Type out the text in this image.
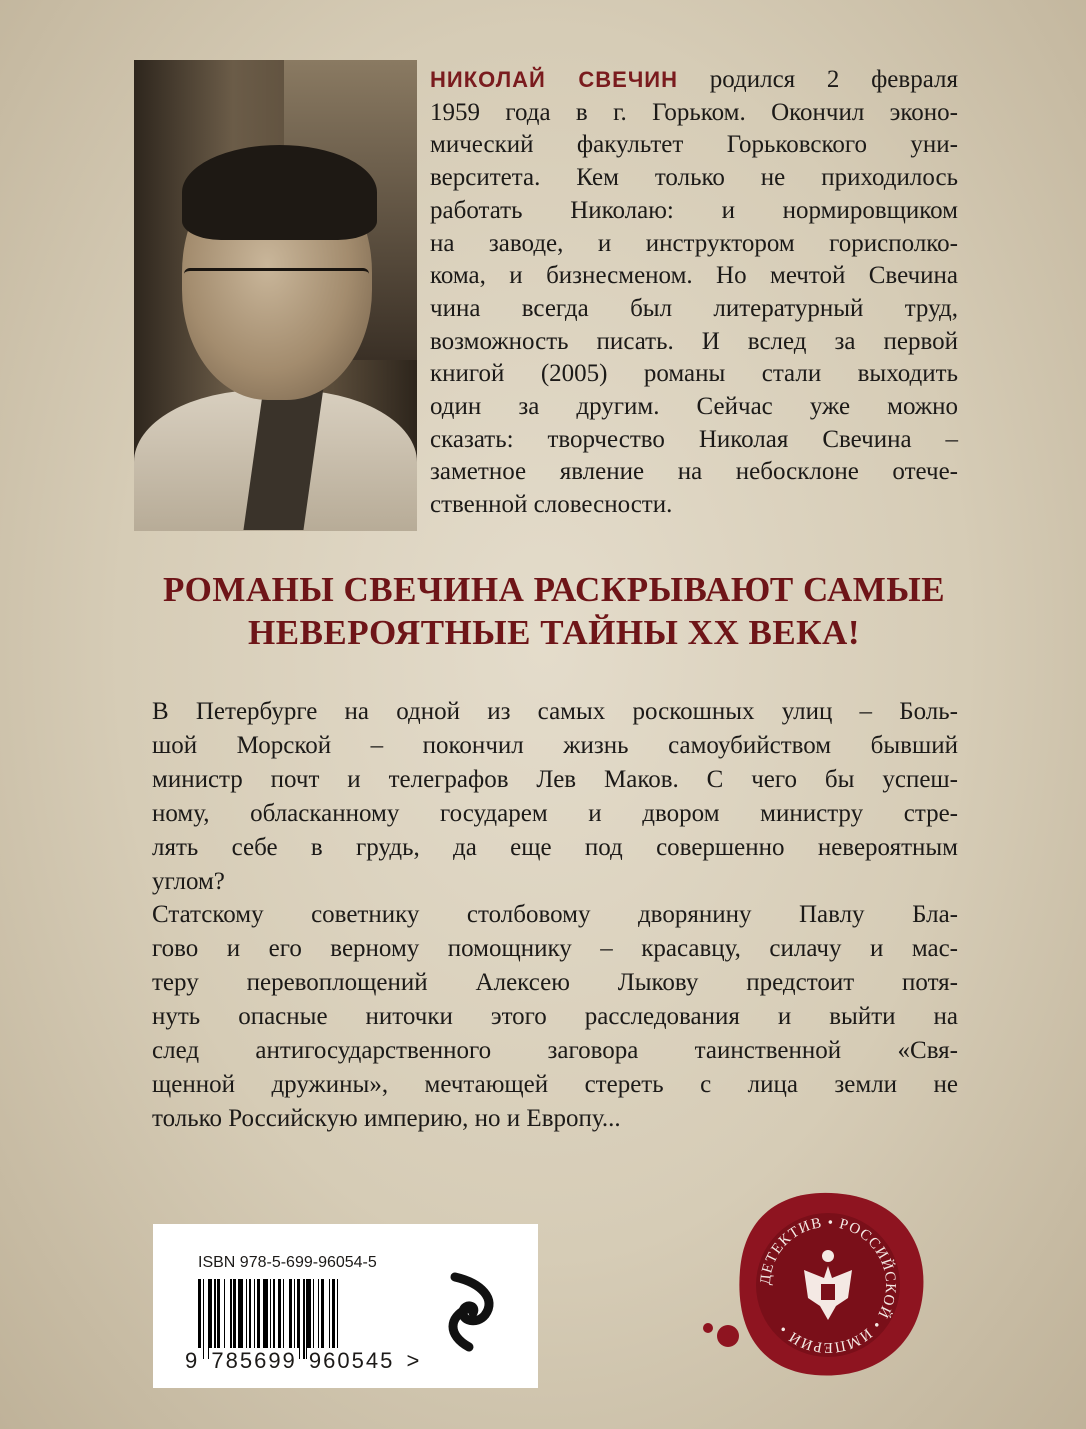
НИКОЛАЙ СВЕЧИН родился 2 февраля
1959 года в г. Горьком. Окончил эконо-
мический факультет Горьковского уни-
верситета. Кем только не приходилось
работать Николаю: и нормировщиком
на заводе, и инструктором горисполко-
кома, и бизнесменом. Но мечтой Свечина
чина всегда был литературный труд,
возможность писать. И вслед за первой
книгой (2005) романы стали выходить
один за другим. Сейчас уже можно
сказать: творчество Николая Свечина –
заметное явление на небосклоне отече-
ственной словесности.
РОМАНЫ СВЕЧИНА РАСКРЫВАЮТ САМЫЕ
НЕВЕРОЯТНЫЕ ТАЙНЫ XX ВЕКА!
В Петербурге на одной из самых роскошных улиц – Боль-
шой Морской – покончил жизнь самоубийством бывший
министр почт и телеграфов Лев Маков. С чего бы успеш-
ному, обласканному государем и двором министру стре-
лять себе в грудь, да еще под совершенно невероятным
углом?
Статскому советнику столбовому дворянину Павлу Бла-
гово и его верному помощнику – красавцу, силачу и мас-
теру перевоплощений Алексею Лыкову предстоит потя-
нуть опасные ниточки этого расследования и выйти на
след антигосударственного заговора таинственной «Свя-
щенной дружины», мечтающей стереть с лица земли не
только Российскую империю, но и Европу...
ISBN 978-5-699-96054-5
9 785699 960545 >
ДЕТЕКТИВ • РОССИЙСКОЙ • ИМПЕРИИ •
